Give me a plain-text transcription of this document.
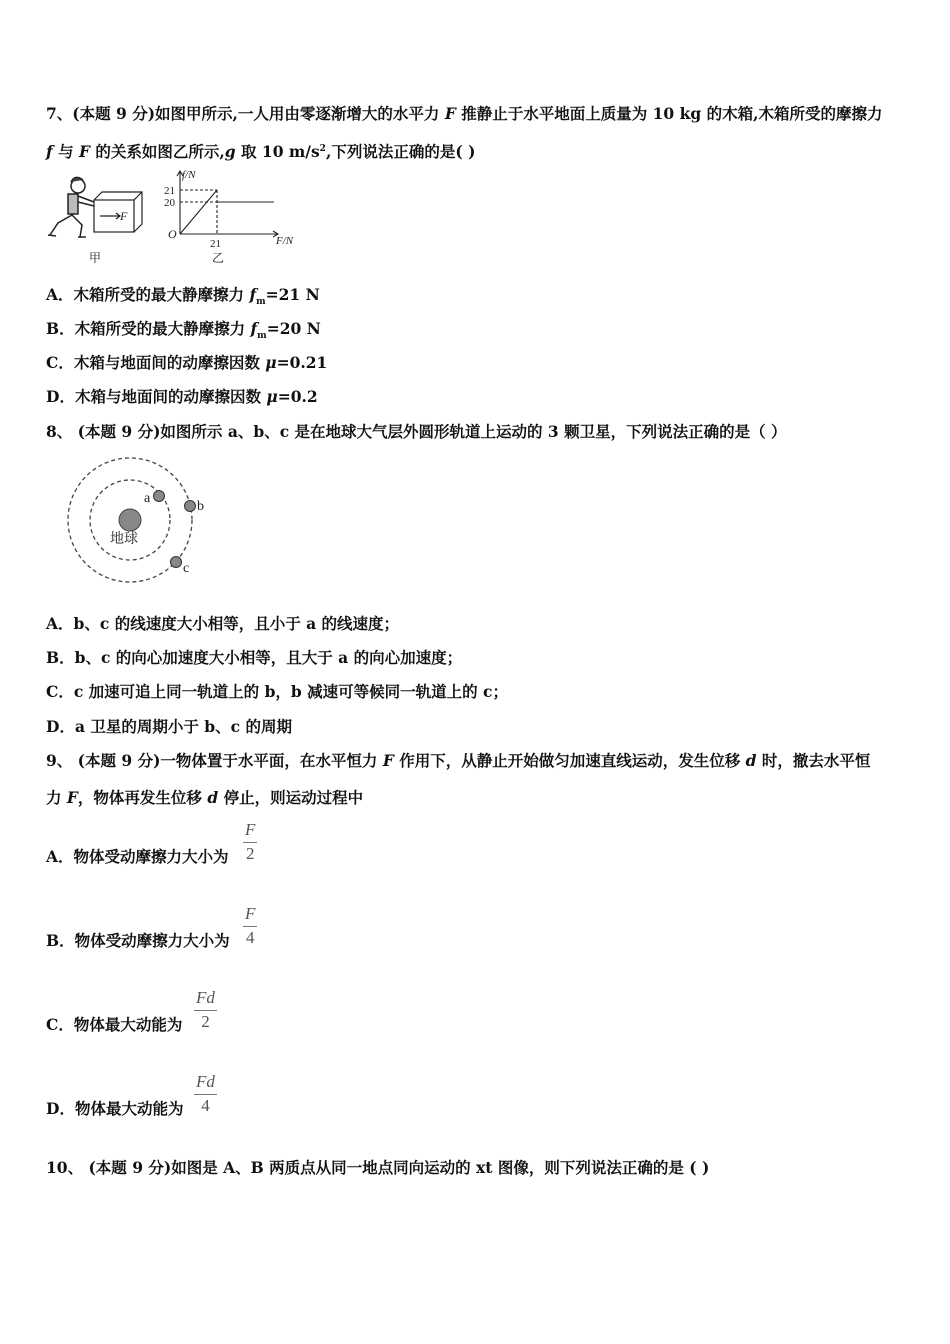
7、(本题 9 分)如图甲所示,一人用由零逐渐增大的水平力 F 推静止于水平地面上质量为 10 kg 的木箱,木箱所受的摩擦力
f 与 F 的关系如图乙所示,g 取 10 $m/s^2$,下列说法正确的是( )
F
甲
f/N
21
20
O
21	F/N
乙
A．木箱所受的最大静摩擦力 $f_m=21$ N
B．木箱所受的最大静摩擦力 $f_m=20$ N
C．木箱与地面间的动摩擦因数 μ=0.21
D．木箱与地面间的动摩擦因数 μ=0.2
8、 (本题 9 分)如图所示 a、b、c 是在地球大气层外圆形轨道上运动的 3 颗卫星，下列说法正确的是（ ）
地球
a
b
c
A．b、c 的线速度大小相等，且小于 a 的线速度；
B．b、c 的向心加速度大小相等，且大于 a 的向心加速度；
C．c 加速可追上同一轨道上的 b，b 减速可等候同一轨道上的 c；
D．a 卫星的周期小于 b、c 的周期
9、 (本题 9 分)一物体置于水平面，在水平恒力 F 作用下，从静止开始做匀加速直线运动，发生位移 d 时，撤去水平恒
力 F，物体再发生位移 d 停止，则运动过程中
A．物体受动摩擦力大小为 $\frac{F}{2}$
B．物体受动摩擦力大小为 $\frac{F}{4}$
C．物体最大动能为 $\frac{Fd}{2}$
D．物体最大动能为 $\frac{Fd}{4}$
10、 (本题 9 分)如图是 A、B 两质点从同一地点同向运动的 xt 图像，则下列说法正确的是 ( )
